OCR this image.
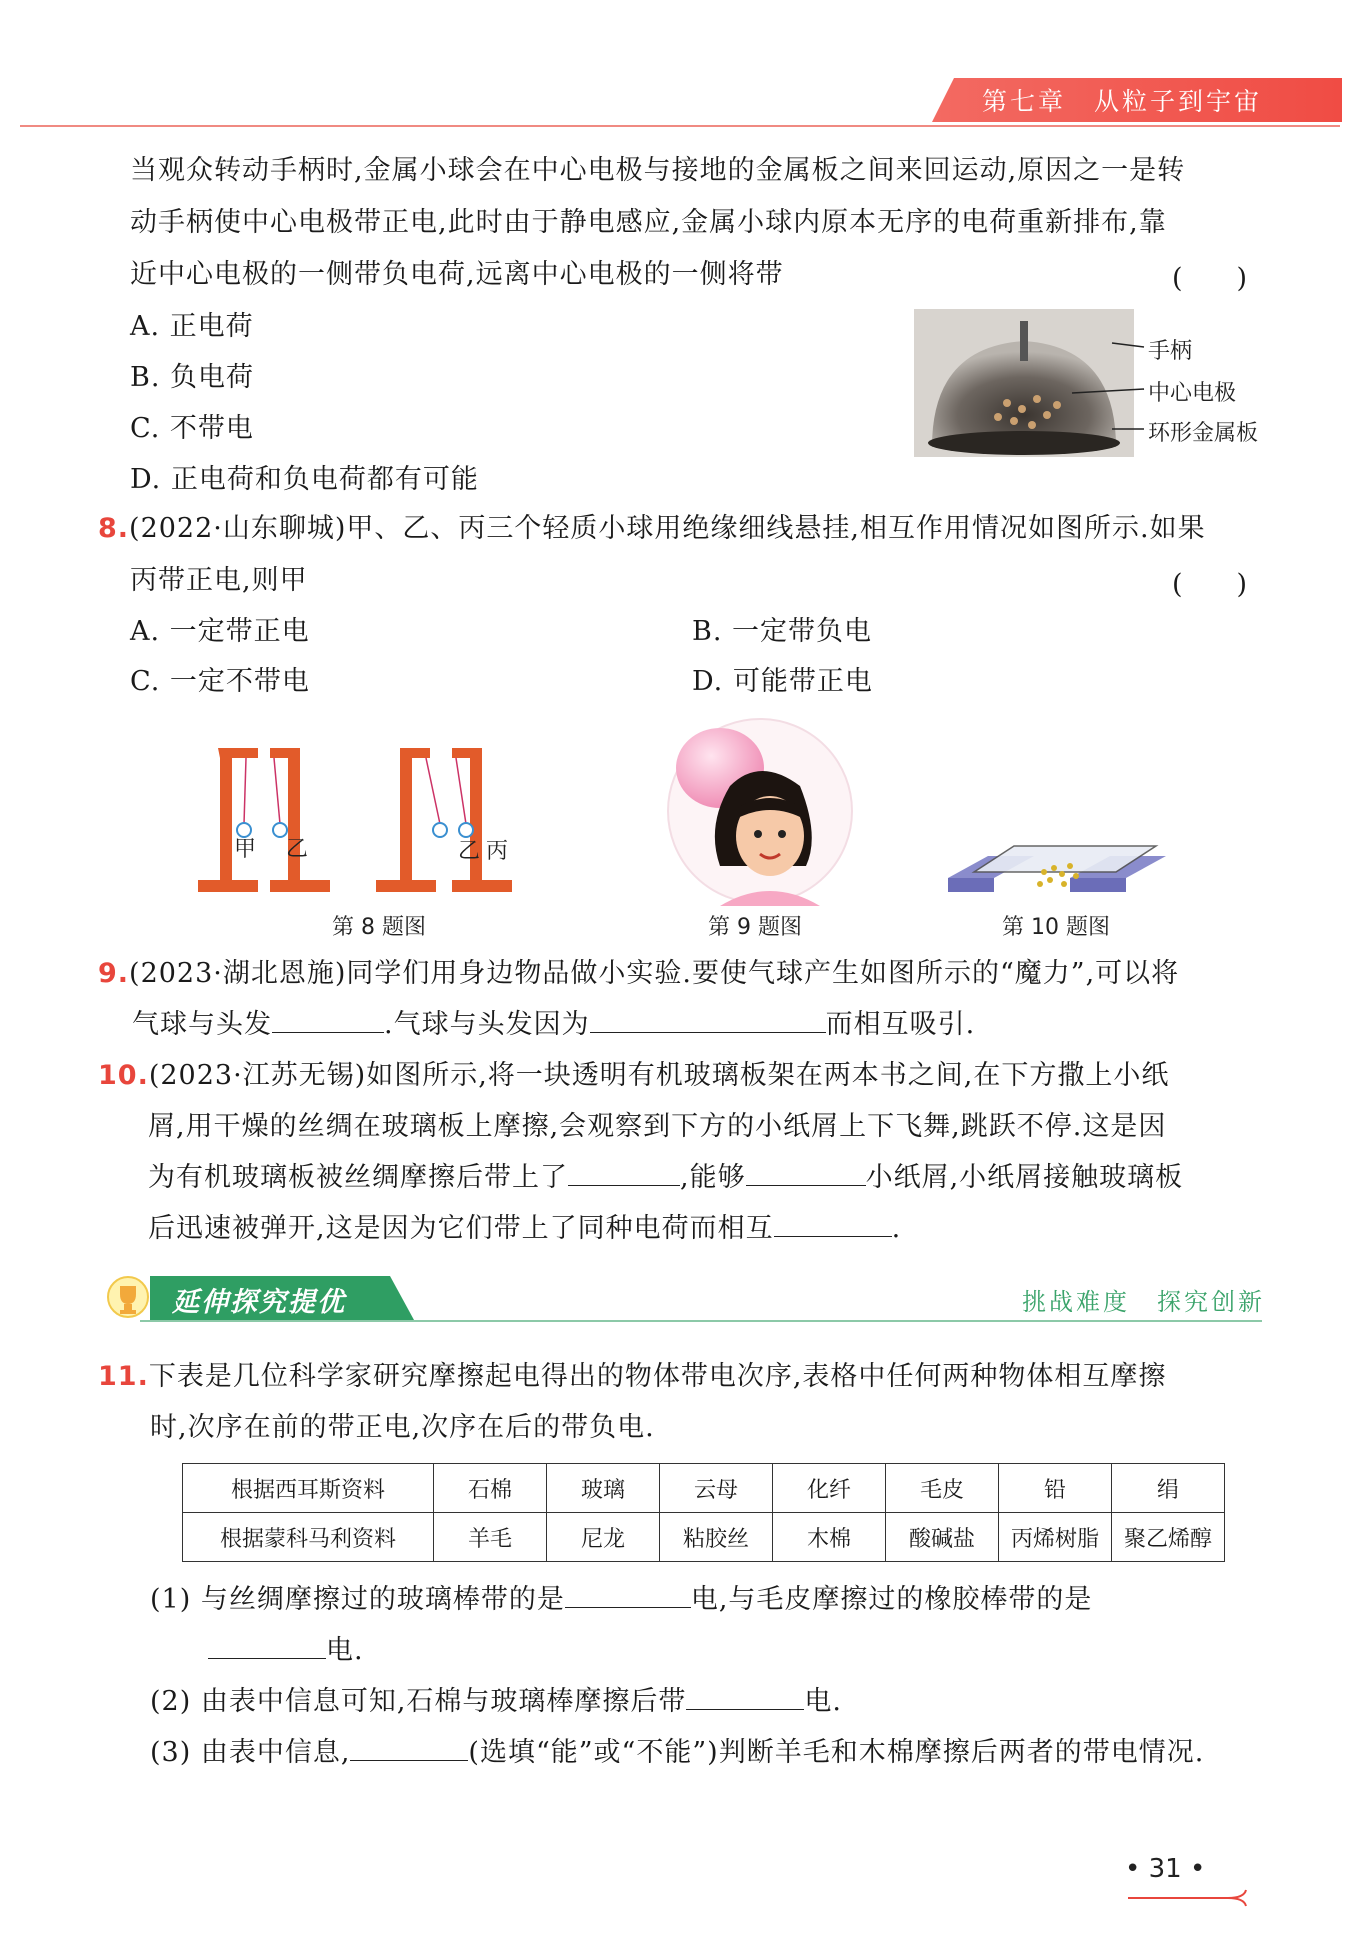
第七章　 从粒子到宇宙
当观众转动手柄时,金属小球会在中心电极与接地的金属板之间来回运动,原因之一是转
动手柄使中心电极带正电,此时由于静电感应,金属小球内原本无序的电荷重新排布,靠
近中心电极的一侧带负电荷,远离中心电极的一侧将带	(　　)
A. 正电荷
B. 负电荷
C. 不带电
D. 正电荷和负电荷都有可能
手柄
中心电极
环形金属板
8.(2022·山东聊城)甲、乙、丙三个轻质小球用绝缘细线悬挂,相互作用情况如图所示.如果
丙带正电,则甲	(　　)
A. 一定带正电	B. 一定带负电
C. 一定不带电	D. 可能带正电
甲 乙	乙 丙
第 8 题图	第 9 题图	第 10 题图
9.(2023·湖北恩施)同学们用身边物品做小实验.要使气球产生如图所示的“魔力”,可以将
气球与头发	.气球与头发因为	而相互吸引.
10.(2023·江苏无锡)如图所示,将一块透明有机玻璃板架在两本书之间,在下方撒上小纸
屑,用干燥的丝绸在玻璃板上摩擦,会观察到下方的小纸屑上下飞舞,跳跃不停.这是因
为有机玻璃板被丝绸摩擦后带上了	,能够	小纸屑,小纸屑接触玻璃板
后迅速被弹开,这是因为它们带上了同种电荷而相互	.
延伸探究提优	挑战难度　探究创新
11.下表是几位科学家研究摩擦起电得出的物体带电次序,表格中任何两种物体相互摩擦
时,次序在前的带正电,次序在后的带负电.
根据西耳斯资料	石棉	玻璃	云母	化纤	毛皮	铅	绢
根据蒙科马利资料	羊毛	尼龙	粘胶丝	木棉	酸碱盐	丙烯树脂	聚乙烯醇
(1) 与丝绸摩擦过的玻璃棒带的是	电,与毛皮摩擦过的橡胶棒带的是
电.
(2) 由表中信息可知,石棉与玻璃棒摩擦后带	电.
(3) 由表中信息,	(选填“能”或“不能”)判断羊毛和木棉摩擦后两者的带电情况.
• 31 •
